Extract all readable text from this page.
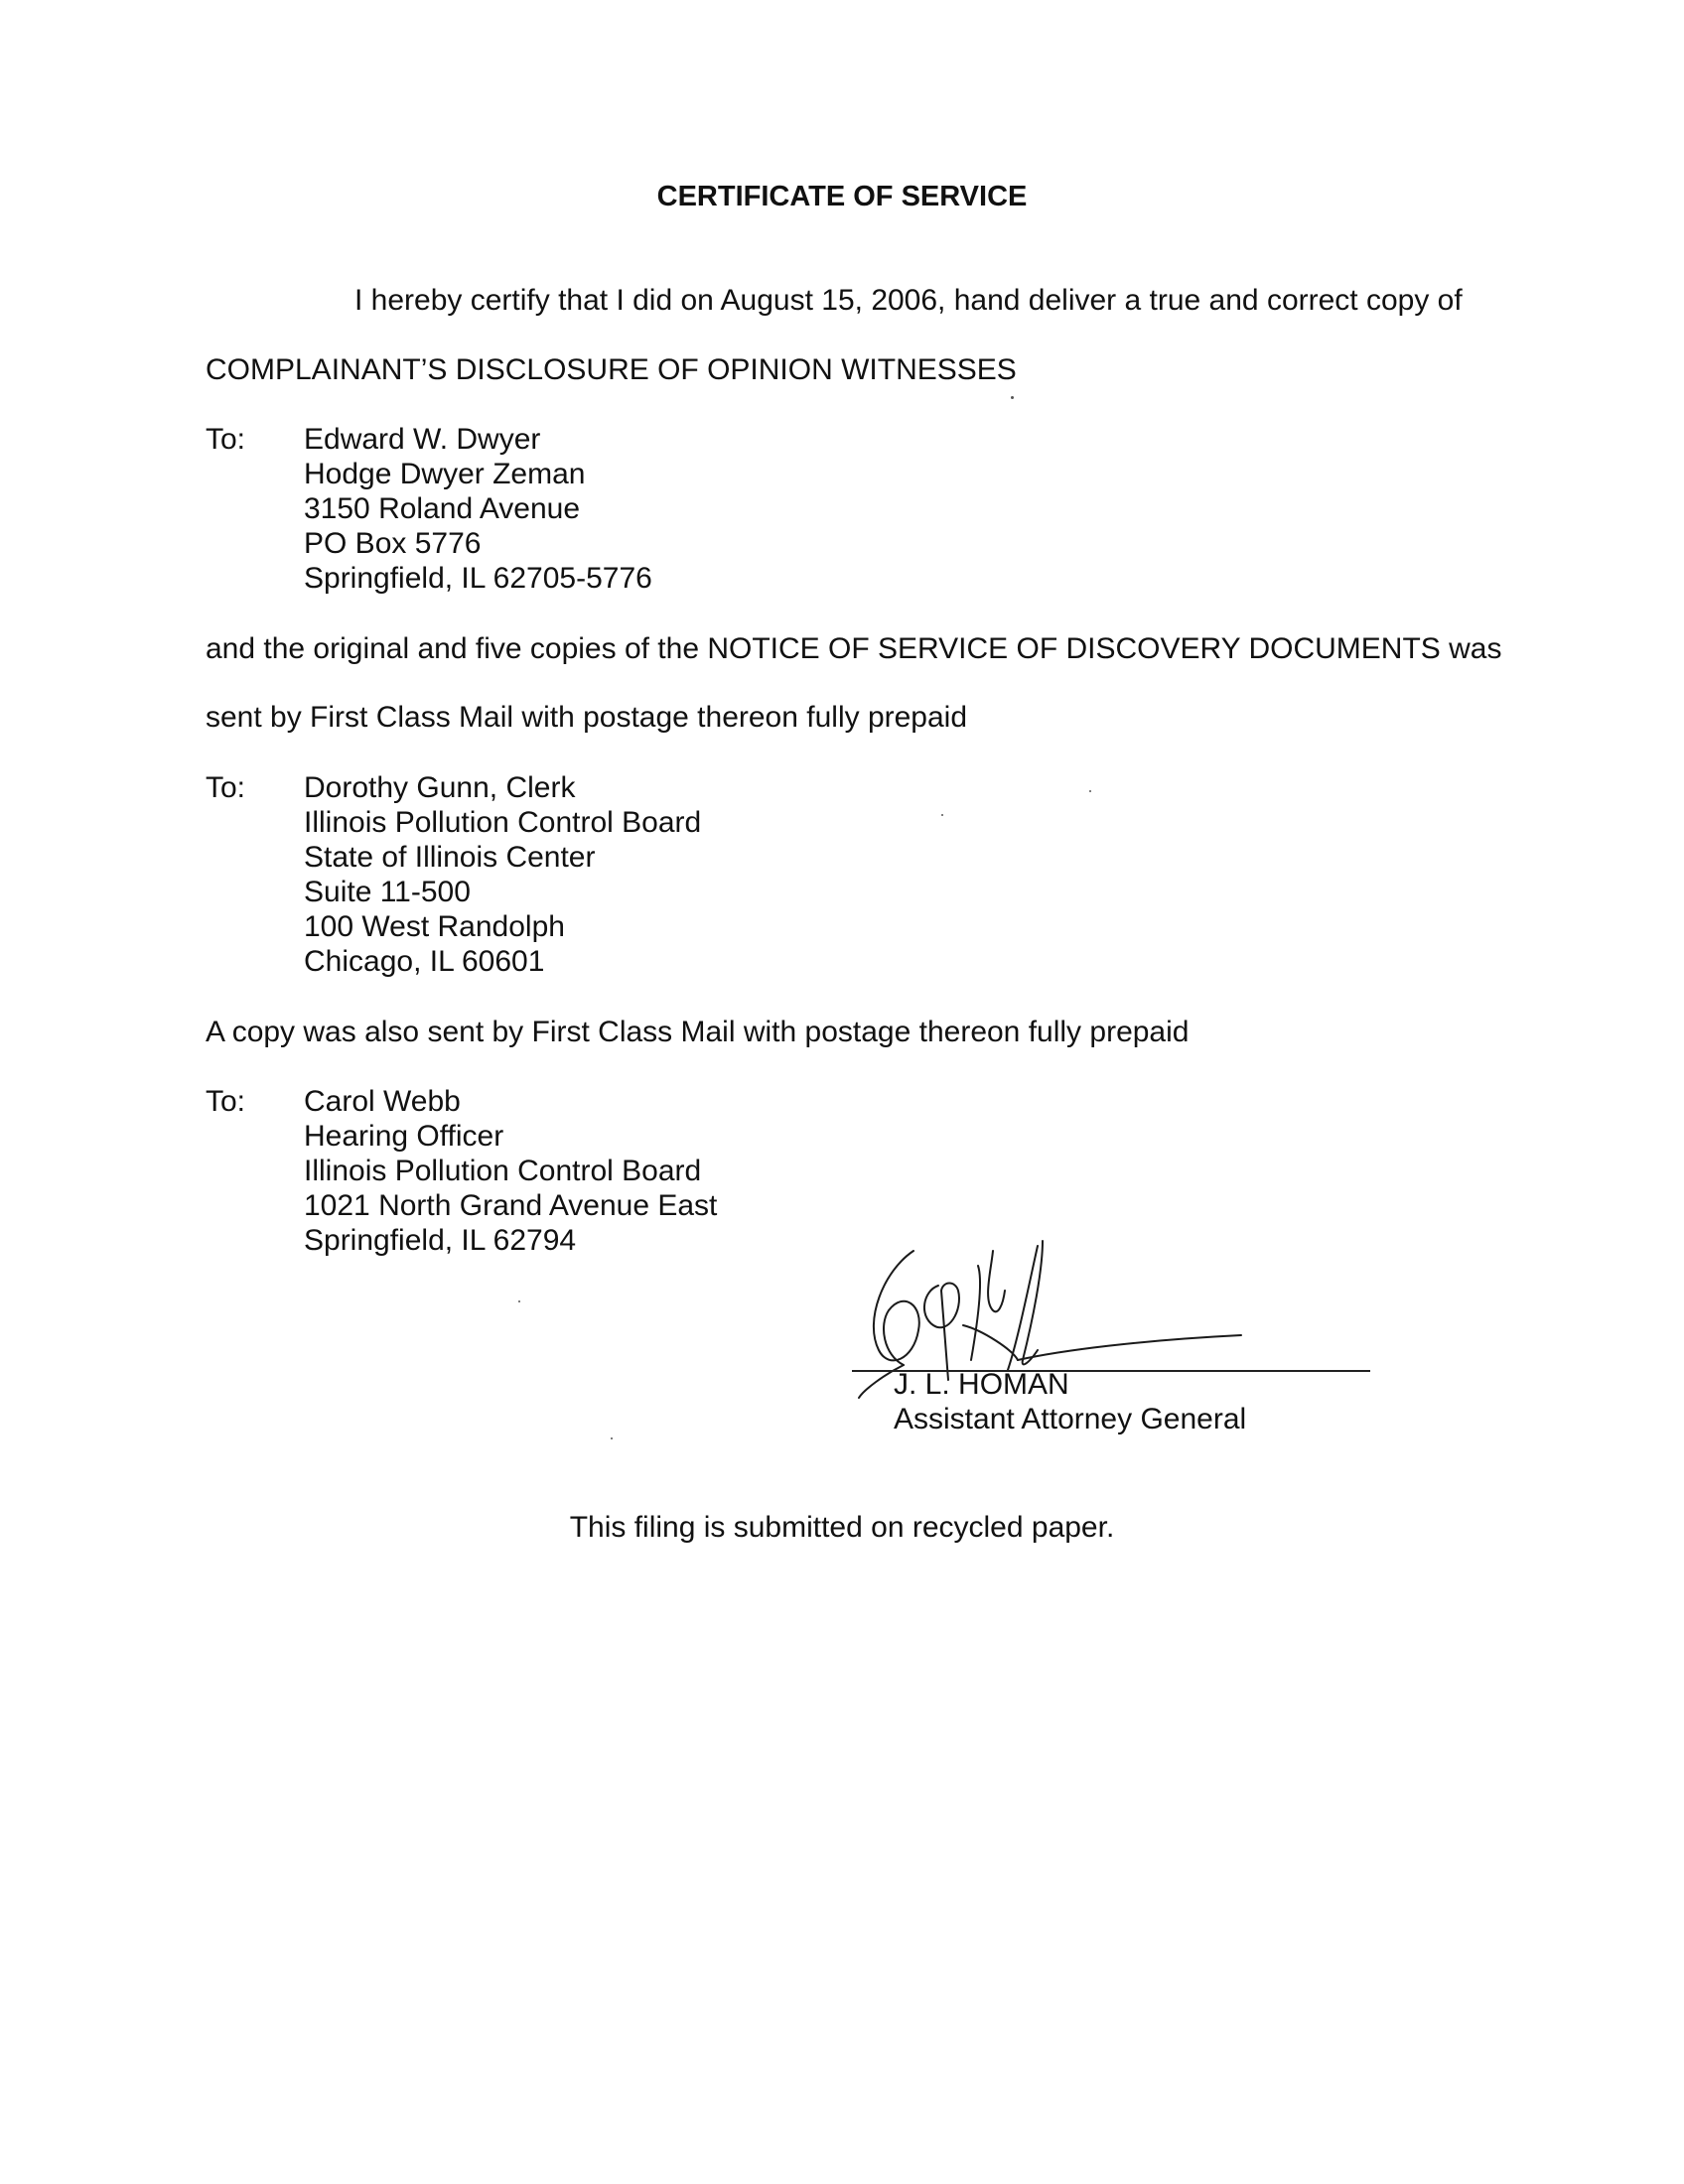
CERTIFICATE OF SERVICE
I hereby certify that I did on August 15, 2006, hand deliver a true and correct copy of
COMPLAINANT’S DISCLOSURE OF OPINION WITNESSES
To: Edward W. Dwyer
Hodge Dwyer Zeman
3150 Roland Avenue
PO Box 5776
Springfield, IL 62705-5776
and the original and five copies of the NOTICE OF SERVICE OF DISCOVERY DOCUMENTS was
sent by First Class Mail with postage thereon fully prepaid
To: Dorothy Gunn, Clerk
Illinois Pollution Control Board
State of Illinois Center
Suite 11-500
100 West Randolph
Chicago, IL 60601
A copy was also sent by First Class Mail with postage thereon fully prepaid
To: Carol Webb
Hearing Officer
Illinois Pollution Control Board
1021 North Grand Avenue East
Springfield, IL 62794
J. L. HOMAN
Assistant Attorney General
This filing is submitted on recycled paper.
